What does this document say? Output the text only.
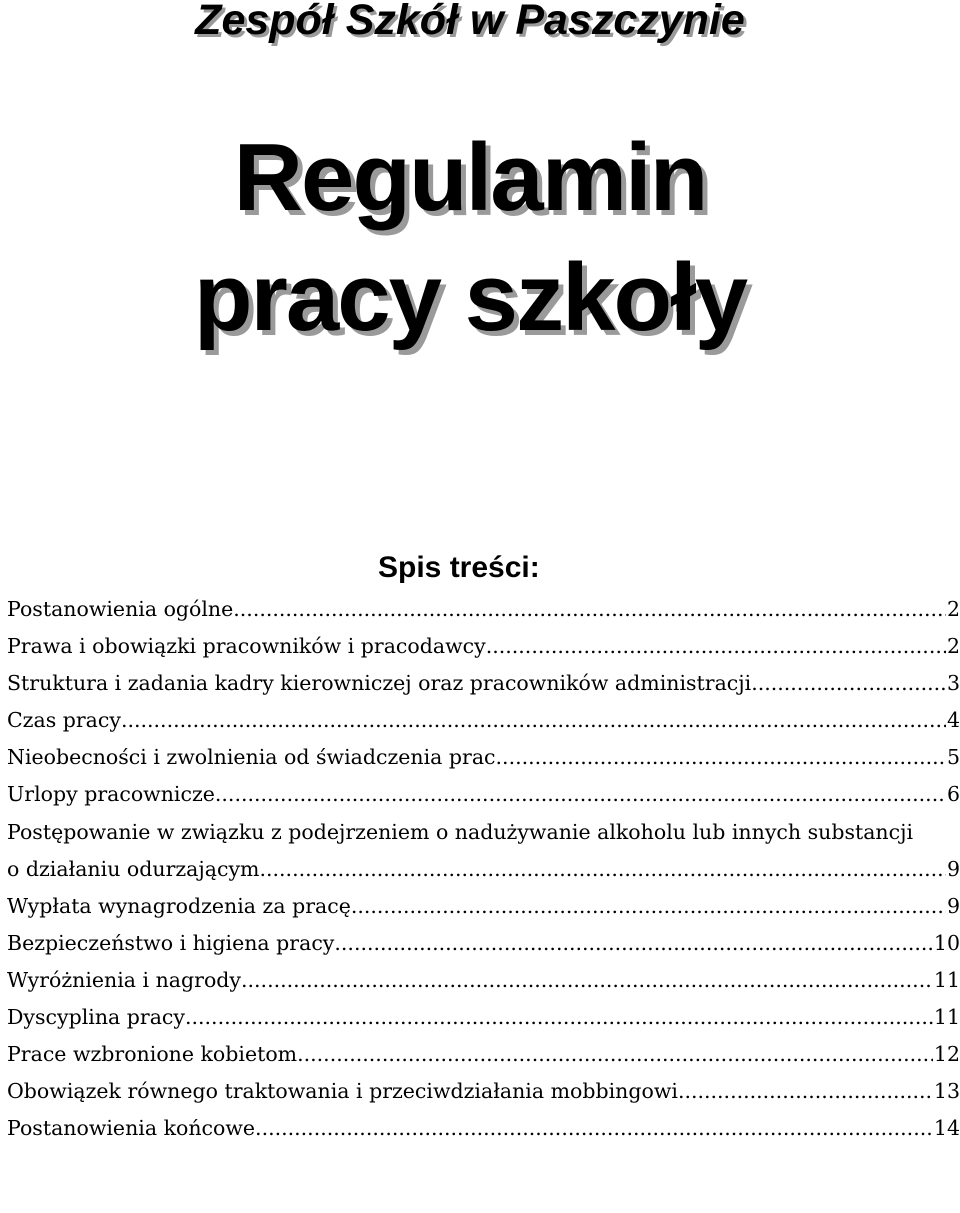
Zespół Szkół w Paszczynie
Regulamin
pracy szkoły
Spis treści:
Postanowienia ogólne .....	2
Prawa i obowiązki pracowników i pracodawcy .....	2
Struktura i zadania kadry kierowniczej oraz pracowników administracji .....	3
Czas pracy .....	4
Nieobecności i zwolnienia od świadczenia prac .....	5
Urlopy pracownicze .....	6
Postępowanie w związku z podejrzeniem o nadużywanie alkoholu lub innych substancji
o działaniu odurzającym .....	9
Wypłata wynagrodzenia za pracę .....	9
Bezpieczeństwo i higiena pracy .....	10
Wyróżnienia i nagrody .....	11
Dyscyplina pracy .....	11
Prace wzbronione kobietom .....	12
Obowiązek równego traktowania i przeciwdziałania mobbingowi .....	13
Postanowienia końcowe .....	14
